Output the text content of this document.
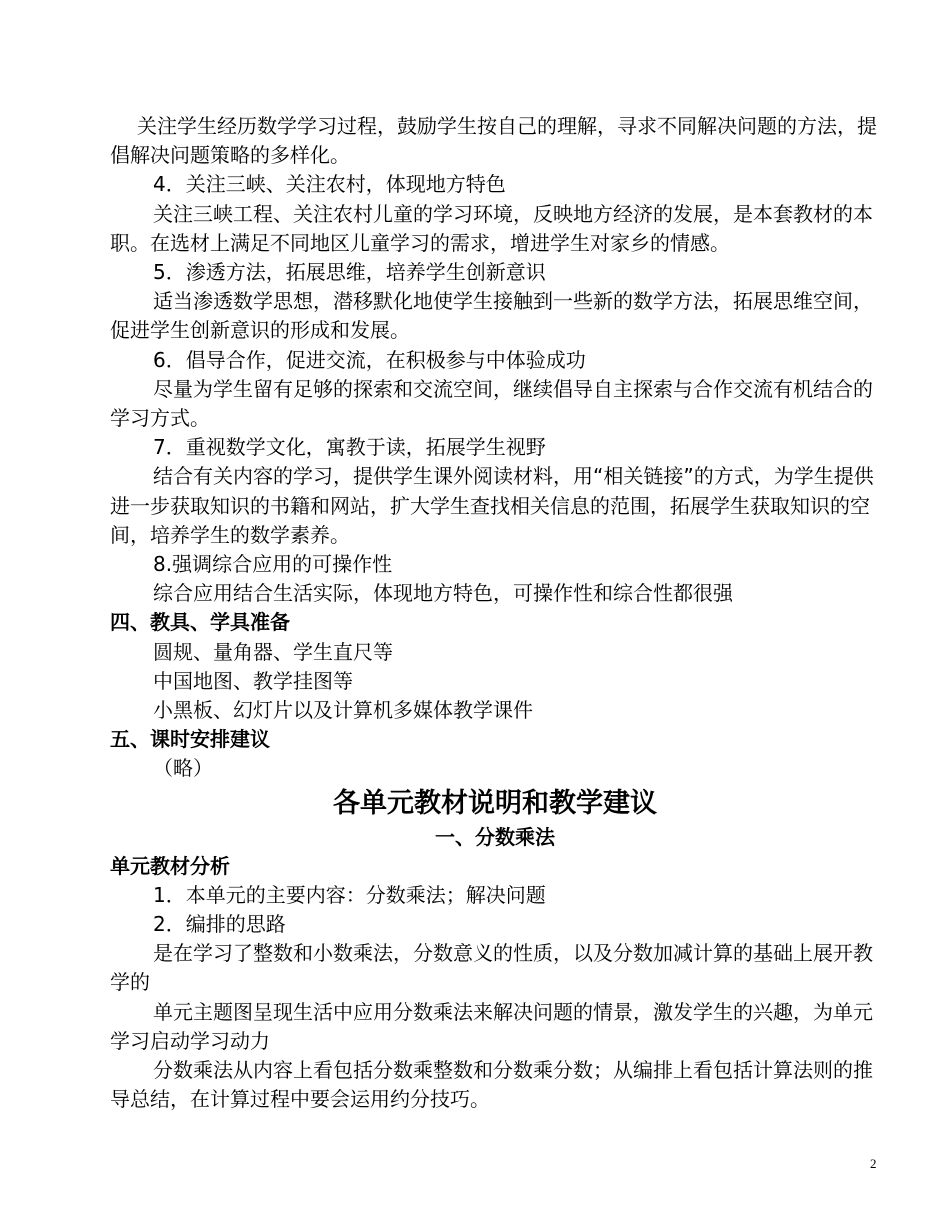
关注学生经历数学学习过程，鼓励学生按自己的理解，寻求不同解决问题的方法，提倡解决问题策略的多样化。

4．关注三峡、关注农村，体现地方特色

关注三峡工程、关注农村儿童的学习环境，反映地方经济的发展，是本套教材的本职。在选材上满足不同地区儿童学习的需求，增进学生对家乡的情感。

5．渗透方法，拓展思维，培养学生创新意识

适当渗透数学思想，潜移默化地使学生接触到一些新的数学方法，拓展思维空间，促进学生创新意识的形成和发展。

6．倡导合作，促进交流，在积极参与中体验成功

尽量为学生留有足够的探索和交流空间，继续倡导自主探索与合作交流有机结合的学习方式。

7．重视数学文化，寓教于读，拓展学生视野

结合有关内容的学习，提供学生课外阅读材料，用“相关链接”的方式，为学生提供进一步获取知识的书籍和网站，扩大学生查找相关信息的范围，拓展学生获取知识的空间，培养学生的数学素养。

8.强调综合应用的可操作性

综合应用结合生活实际，体现地方特色，可操作性和综合性都很强

四、教具、学具准备

圆规、量角器、学生直尺等

中国地图、教学挂图等

小黑板、幻灯片以及计算机多媒体教学课件

五、课时安排建议

（略）

各单元教材说明和教学建议
一、分数乘法

单元教材分析

1．本单元的主要内容：分数乘法；解决问题

2．编排的思路

是在学习了整数和小数乘法，分数意义的性质，以及分数加减计算的基础上展开教学的

单元主题图呈现生活中应用分数乘法来解决问题的情景，激发学生的兴趣，为单元学习启动学习动力

分数乘法从内容上看包括分数乘整数和分数乘分数；从编排上看包括计算法则的推导总结，在计算过程中要会运用约分技巧。

2
